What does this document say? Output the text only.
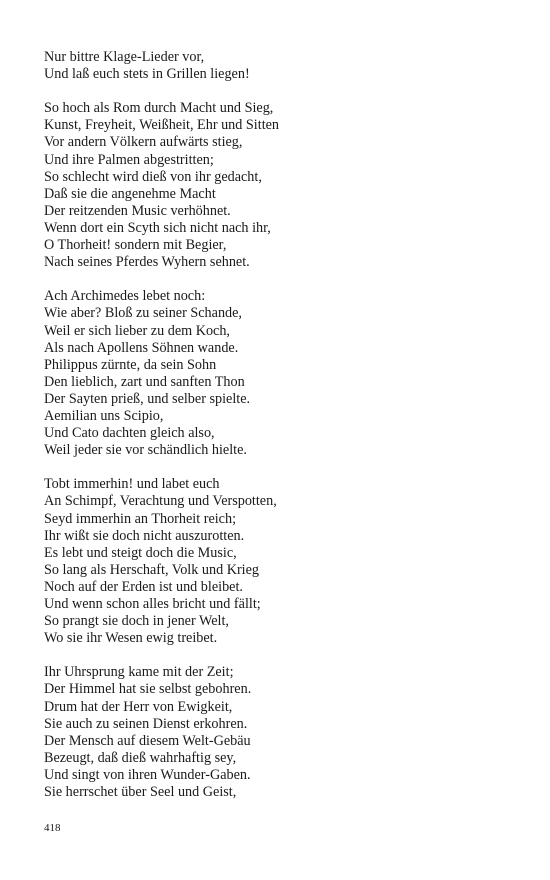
Nur bittre Klage-Lieder vor,
Und laß euch stets in Grillen liegen!
So hoch als Rom durch Macht und Sieg,
Kunst, Freyheit, Weißheit, Ehr und Sitten
Vor andern Völkern aufwärts stieg,
Und ihre Palmen abgestritten;
So schlecht wird dieß von ihr gedacht,
Daß sie die angenehme Macht
Der reitzenden Music verhöhnet.
Wenn dort ein Scyth sich nicht nach ihr,
O Thorheit! sondern mit Begier,
Nach seines Pferdes Wyhern sehnet.
Ach Archimedes lebet noch:
Wie aber? Bloß zu seiner Schande,
Weil er sich lieber zu dem Koch,
Als nach Apollens Söhnen wande.
Philippus zürnte, da sein Sohn
Den lieblich, zart und sanften Thon
Der Sayten prieß, und selber spielte.
Aemilian uns Scipio,
Und Cato dachten gleich also,
Weil jeder sie vor schändlich hielte.
Tobt immerhin! und labet euch
An Schimpf, Verachtung und Verspotten,
Seyd immerhin an Thorheit reich;
Ihr wißt sie doch nicht auszurotten.
Es lebt und steigt doch die Music,
So lang als Herschaft, Volk und Krieg
Noch auf der Erden ist und bleibet.
Und wenn schon alles bricht und fällt;
So prangt sie doch in jener Welt,
Wo sie ihr Wesen ewig treibet.
Ihr Uhrsprung kame mit der Zeit;
Der Himmel hat sie selbst gebohren.
Drum hat der Herr von Ewigkeit,
Sie auch zu seinen Dienst erkohren.
Der Mensch auf diesem Welt-Gebäu
Bezeugt, daß dieß wahrhaftig sey,
Und singt von ihren Wunder-Gaben.
Sie herrschet über Seel und Geist,
418
